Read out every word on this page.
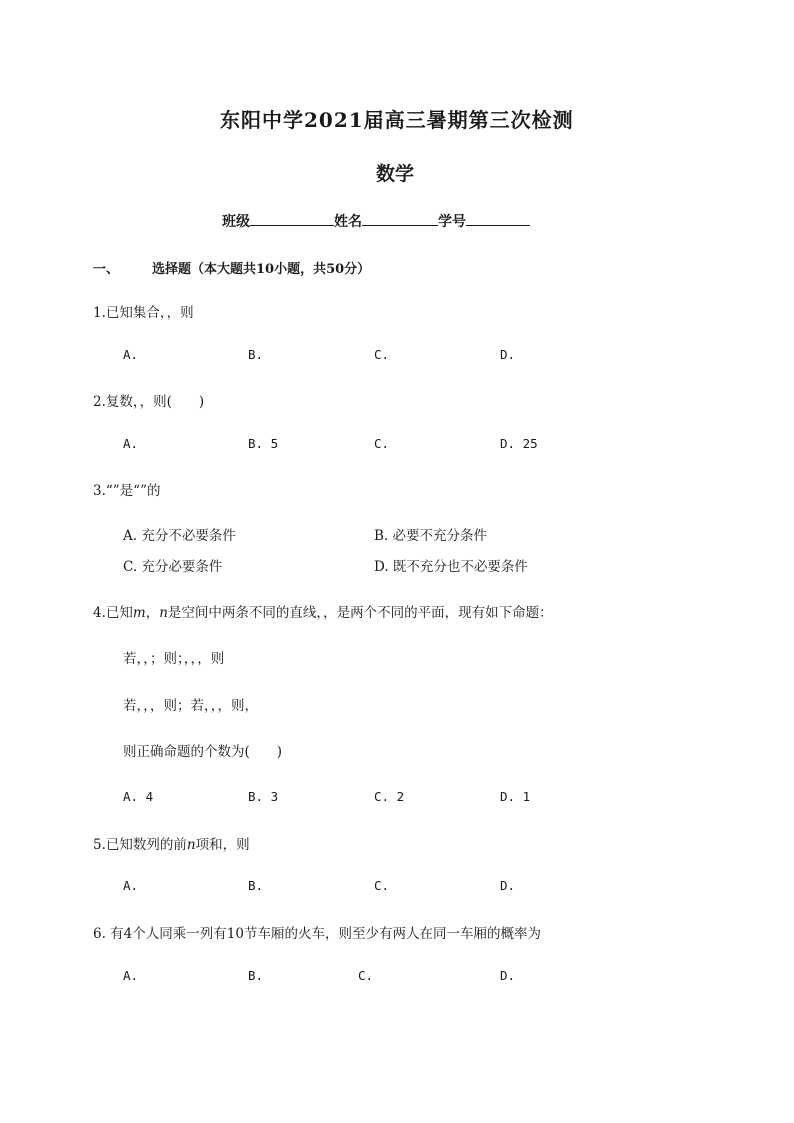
东阳中学2021届高三暑期第三次检测
数学
班级	姓名	学号
一、	选择题（本大题共10小题，共50分）
1.已知集合，，则
A.	B.	C.	D.
2.复数，，则(　　)
A.	B. 5	C.	D. 25
3.“”是“”的
A. 充分不必要条件	B. 必要不充分条件
C. 充分必要条件	D. 既不充分也不必要条件
4.已知m，n是空间中两条不同的直线，，是两个不同的平面，现有如下命题：
若，，；则；，，，则
若，，，则；若，，，则，
则正确命题的个数为(　　)
A. 4	B. 3	C. 2	D. 1
5.已知数列的前n项和，则
A.	B.	C.	D.
6. 有4个人同乘一列有10节车厢的火车，则至少有两人在同一车厢的概率为
A.	B.	C.	D.
